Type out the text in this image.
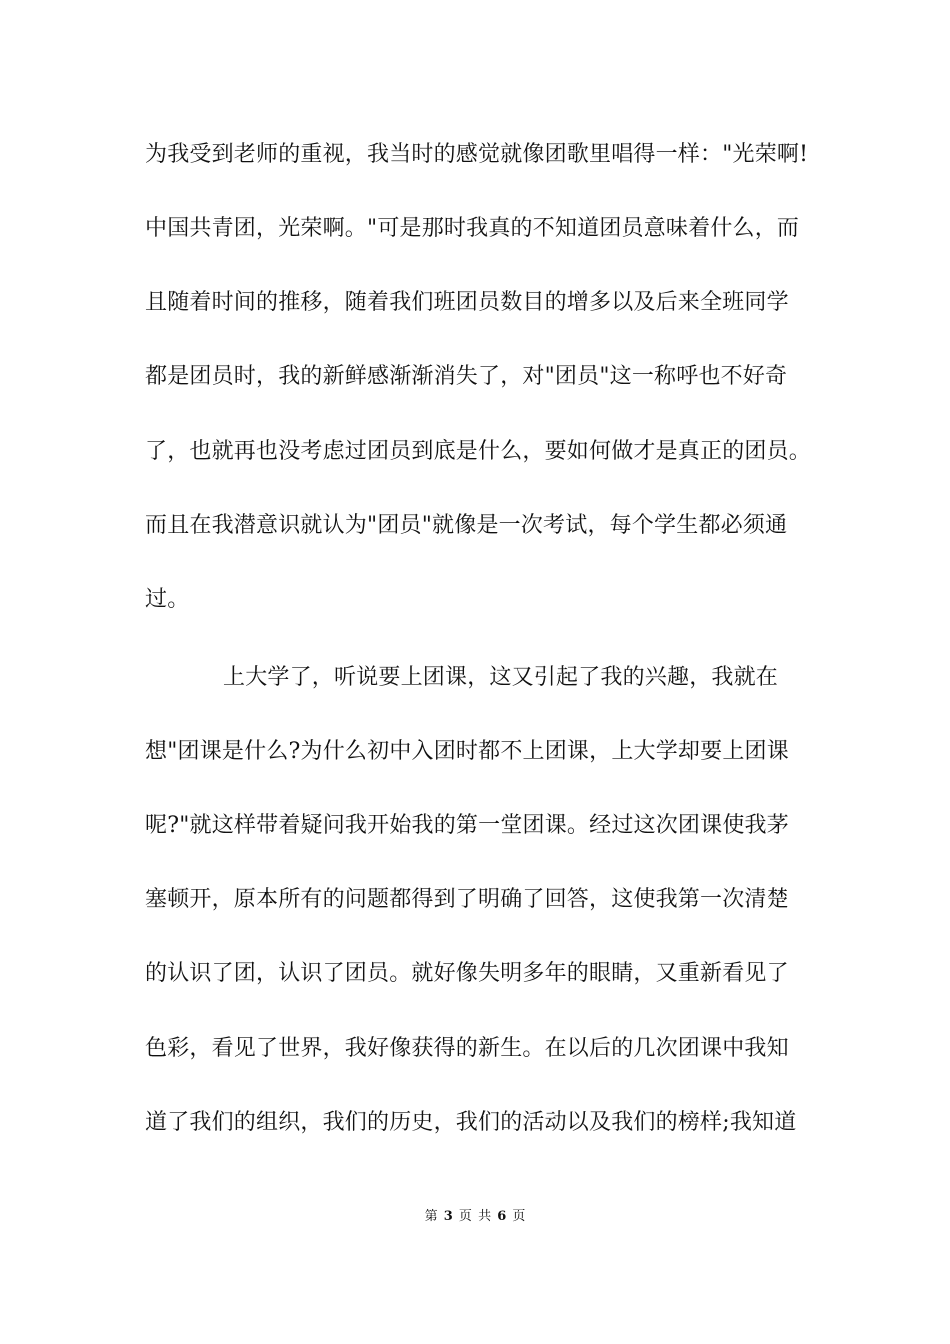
为我受到老师的重视，我当时的感觉就像团歌里唱得一样："光荣啊!
中国共青团，光荣啊。"可是那时我真的不知道团员意味着什么，而
且随着时间的推移，随着我们班团员数目的增多以及后来全班同学
都是团员时，我的新鲜感渐渐消失了，对"团员"这一称呼也不好奇
了，也就再也没考虑过团员到底是什么，要如何做才是真正的团员。
而且在我潜意识就认为"团员"就像是一次考试，每个学生都必须通
过。
上大学了，听说要上团课，这又引起了我的兴趣，我就在
想"团课是什么?为什么初中入团时都不上团课，上大学却要上团课
呢?"就这样带着疑问我开始我的第一堂团课。经过这次团课使我茅
塞顿开，原本所有的问题都得到了明确了回答，这使我第一次清楚
的认识了团，认识了团员。就好像失明多年的眼睛，又重新看见了
色彩，看见了世界，我好像获得的新生。在以后的几次团课中我知
道了我们的组织，我们的历史，我们的活动以及我们的榜样;我知道
第 3 页 共 6 页
